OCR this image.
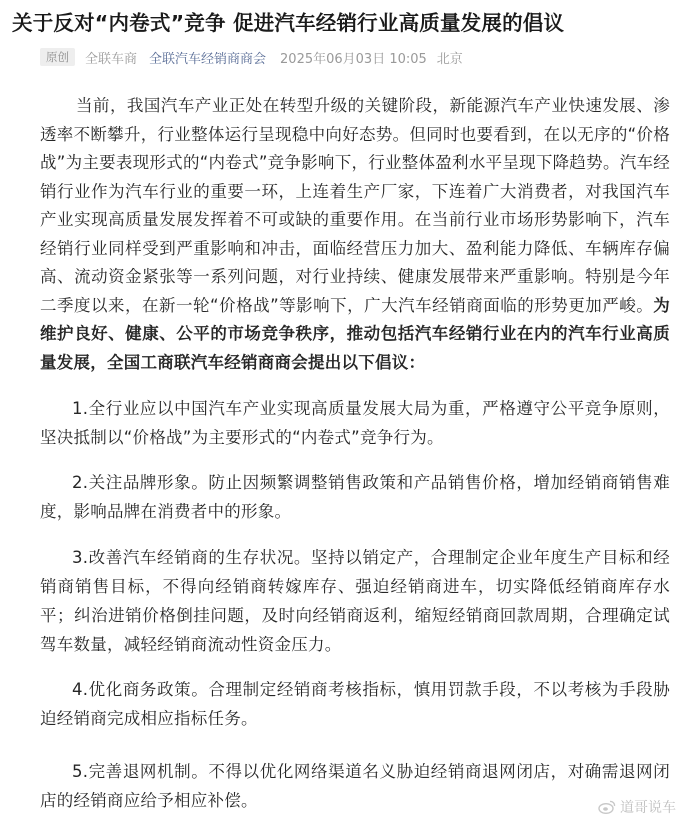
关于反对“内卷式”竞争 促进汽车经销行业高质量发展的倡议
原创	全联车商 全联汽车经销商商会 2025年06月03日 10:05 北京

当前，我国汽车产业正处在转型升级的关键阶段，新能源汽车产业快速发展、渗透率不断攀升，行业整体运行呈现稳中向好态势。但同时也要看到，在以无序的“价格战”为主要表现形式的“内卷式”竞争影响下，行业整体盈利水平呈现下降趋势。汽车经销行业作为汽车行业的重要一环，上连着生产厂家，下连着广大消费者，对我国汽车产业实现高质量发展发挥着不可或缺的重要作用。在当前行业市场形势影响下，汽车经销行业同样受到严重影响和冲击，面临经营压力加大、盈利能力降低、车辆库存偏高、流动资金紧张等一系列问题，对行业持续、健康发展带来严重影响。特别是今年二季度以来，在新一轮“价格战”等影响下，广大汽车经销商面临的形势更加严峻。为维护良好、健康、公平的市场竞争秩序，推动包括汽车经销行业在内的汽车行业高质量发展，全国工商联汽车经销商商会提出以下倡议：

1.全行业应以中国汽车产业实现高质量发展大局为重，严格遵守公平竞争原则，坚决抵制以“价格战”为主要形式的“内卷式”竞争行为。

2.关注品牌形象。防止因频繁调整销售政策和产品销售价格，增加经销商销售难度，影响品牌在消费者中的形象。

3.改善汽车经销商的生存状况。坚持以销定产，合理制定企业年度生产目标和经销商销售目标，不得向经销商转嫁库存、强迫经销商进车，切实降低经销商库存水平；纠治进销价格倒挂问题，及时向经销商返利，缩短经销商回款周期，合理确定试驾车数量，减轻经销商流动性资金压力。

4.优化商务政策。合理制定经销商考核指标，慎用罚款手段，不以考核为手段胁迫经销商完成相应指标任务。

5.完善退网机制。不得以优化网络渠道名义胁迫经销商退网闭店，对确需退网闭店的经销商应给予相应补偿。	道哥说车
